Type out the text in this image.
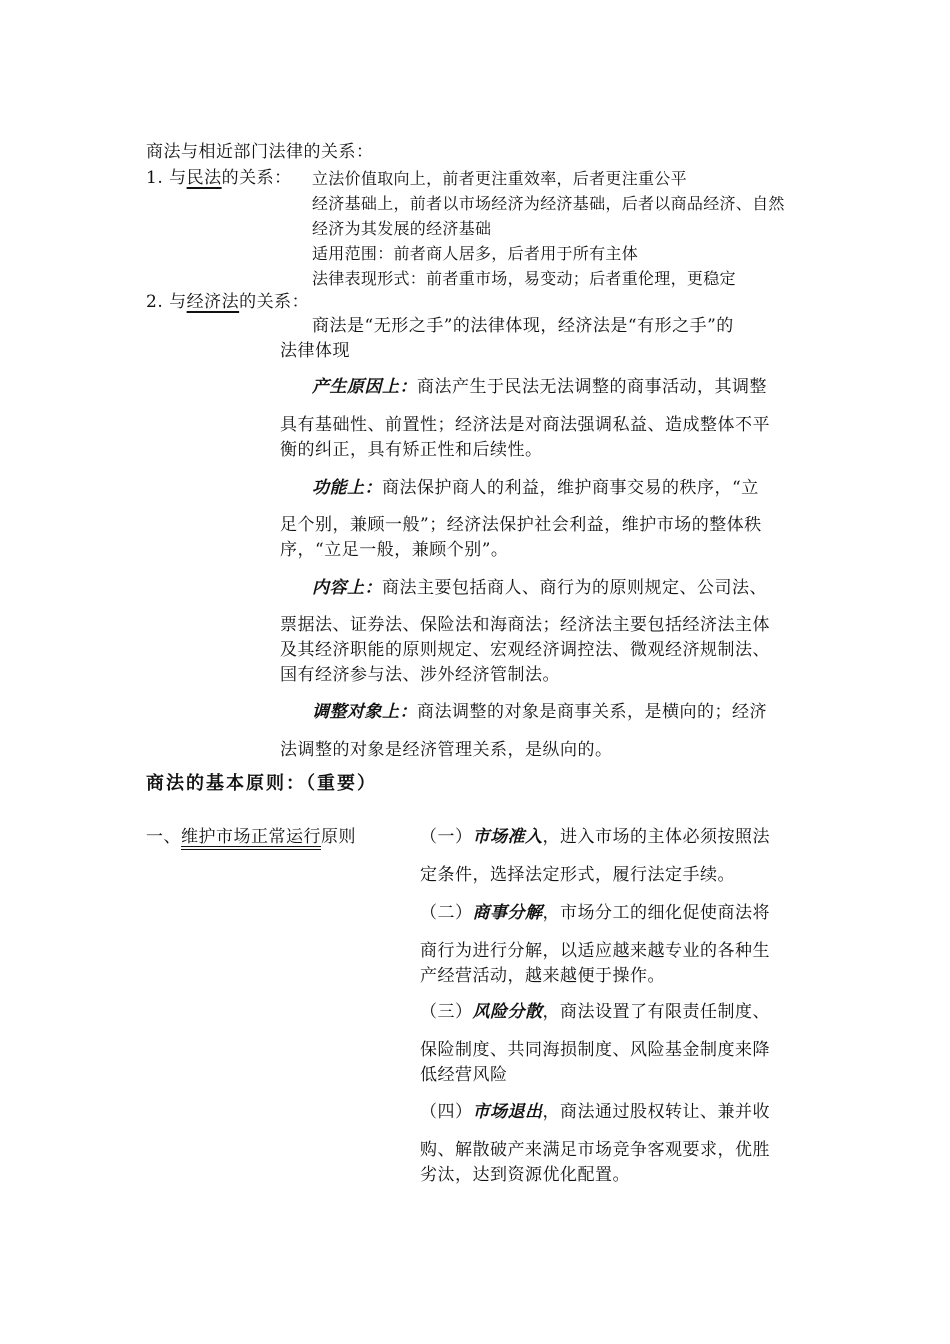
商法与相近部门法律的关系：
1. 与民法的关系： 立法价值取向上，前者更注重效率，后者更注重公平
经济基础上，前者以市场经济为经济基础，后者以商品经济、自然
经济为其发展的经济基础
适用范围：前者商人居多，后者用于所有主体
法律表现形式：前者重市场，易变动；后者重伦理，更稳定
2. 与经济法的关系：
商法是“无形之手”的法律体现，经济法是“有形之手”的
法律体现
产生原因上：商法产生于民法无法调整的商事活动，其调整
具有基础性、前置性；经济法是对商法强调私益、造成整体不平
衡的纠正，具有矫正性和后续性。
功能上：商法保护商人的利益，维护商事交易的秩序，“立
足个别，兼顾一般”；经济法保护社会利益，维护市场的整体秩
序，“立足一般，兼顾个别”。
内容上：商法主要包括商人、商行为的原则规定、公司法、
票据法、证券法、保险法和海商法；经济法主要包括经济法主体
及其经济职能的原则规定、宏观经济调控法、微观经济规制法、
国有经济参与法、涉外经济管制法。
调整对象上：商法调整的对象是商事关系，是横向的；经济
法调整的对象是经济管理关系，是纵向的。
商法的基本原则：（重要）
一、维护市场正常运行原则	（一）市场准入，进入市场的主体必须按照法
定条件，选择法定形式，履行法定手续。
（二）商事分解，市场分工的细化促使商法将
商行为进行分解，以适应越来越专业的各种生
产经营活动，越来越便于操作。
（三）风险分散，商法设置了有限责任制度、
保险制度、共同海损制度、风险基金制度来降
低经营风险
（四）市场退出，商法通过股权转让、兼并收
购、解散破产来满足市场竞争客观要求，优胜
劣汰，达到资源优化配置。
